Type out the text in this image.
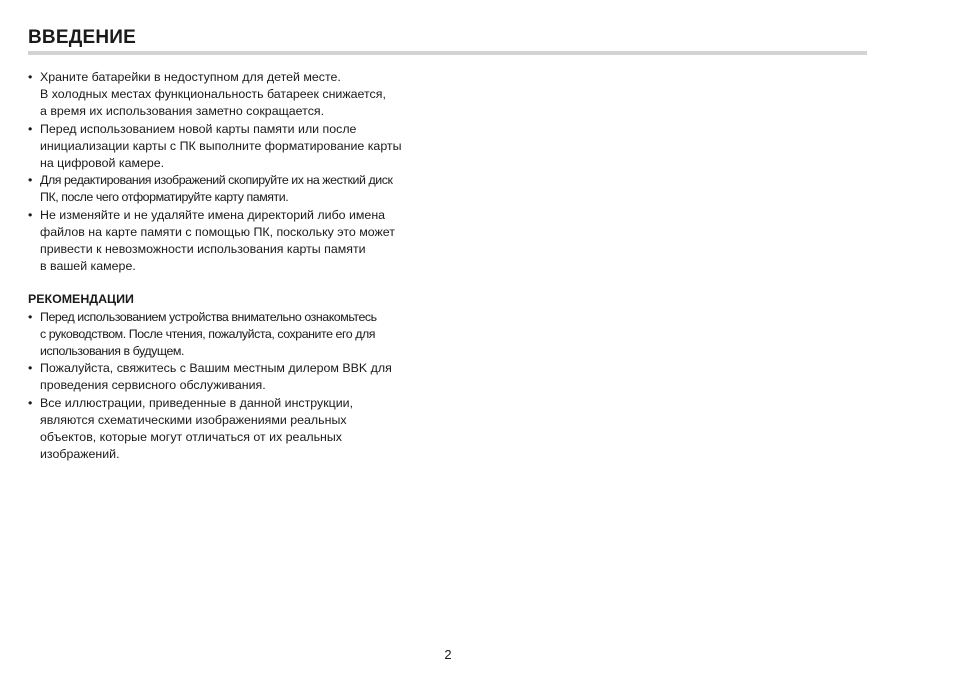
ВВЕДЕНИЕ
• Храните батарейки в недоступном для детей месте.
В холодных местах функциональность батареек снижается,
а время их использования заметно сокращается.
• Перед использованием новой карты памяти или после
инициализации карты с ПК выполните форматирование карты
на цифровой камере.
• Для редактирования изображений скопируйте их на жесткий диск
ПК, после чего отформатируйте карту памяти.
• Не изменяйте и не удаляйте имена директорий либо имена
файлов на карте памяти с помощью ПК, поскольку это может
привести к невозможности использования карты памяти
в вашей камере.
РЕКОМЕНДАЦИИ
• Перед использованием устройства внимательно ознакомьтесь
с руководством. После чтения, пожалуйста, сохраните его для
использования в будущем.
• Пожалуйста, свяжитесь с Вашим местным дилером BBK для
проведения сервисного обслуживания.
• Все иллюстрации, приведенные в данной инструкции,
являются схематическими изображениями реальных
объектов, которые могут отличаться от их реальных
изображений.
2
